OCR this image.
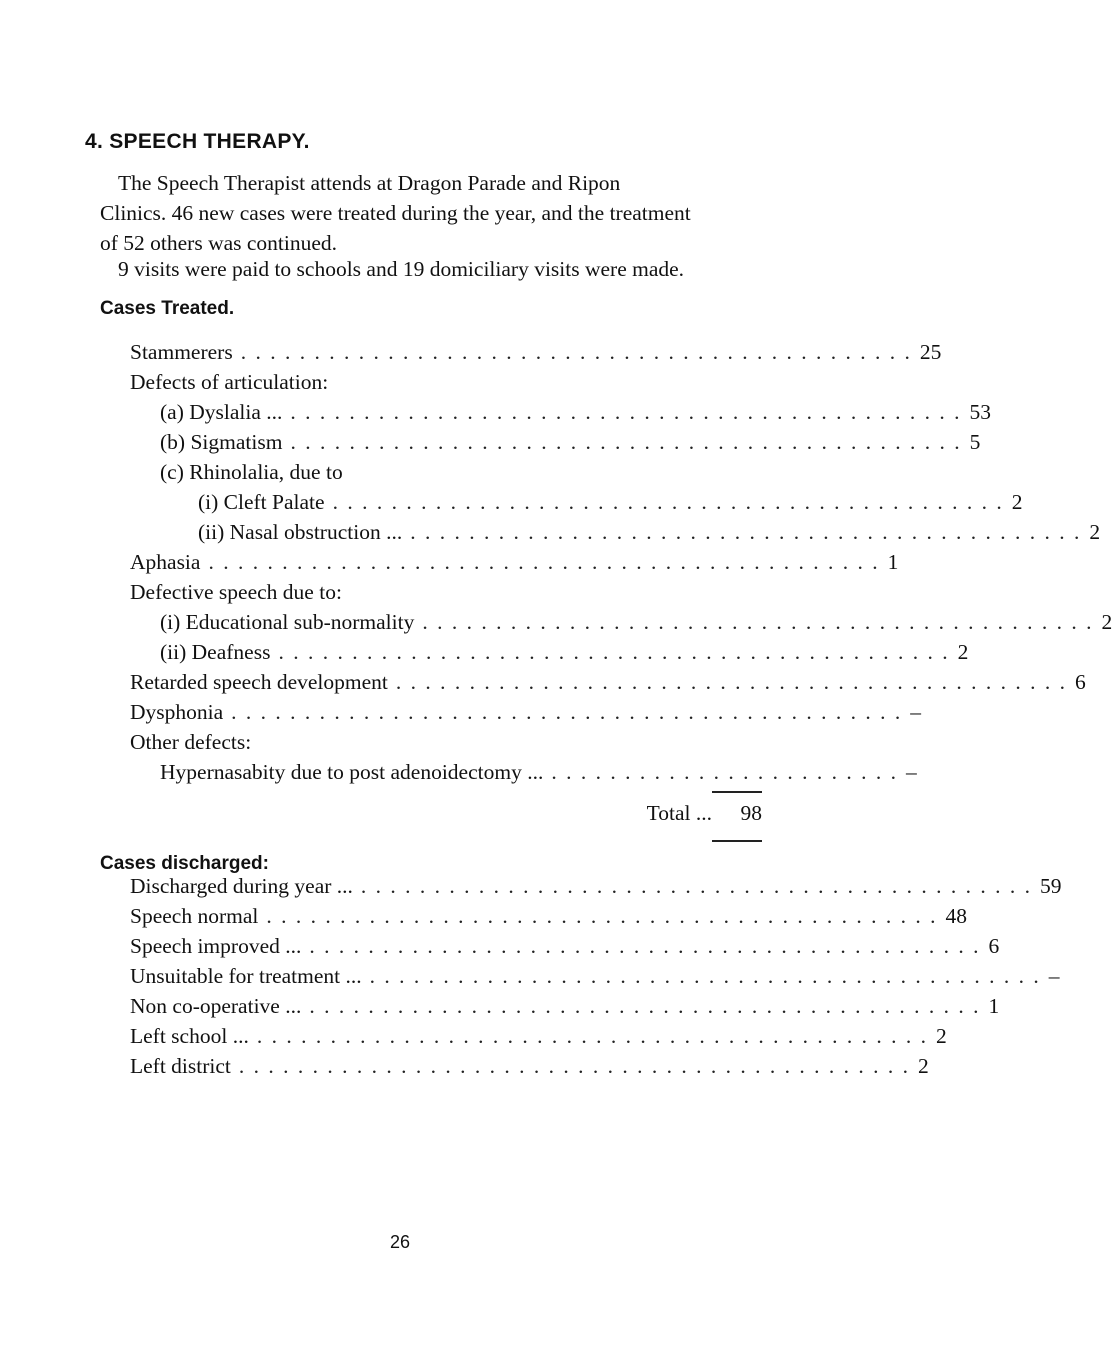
4. SPEECH THERAPY.
The Speech Therapist attends at Dragon Parade and Ripon
Clinics. 46 new cases were treated during the year, and the treatment
of 52 others was continued.
9 visits were paid to schools and 19 domiciliary visits were made.
Cases Treated.
Stammerers . . . . . . . . . . . . . . . . . . . . . . . . . . . . . . . . . . . . . . . . . . . . . . 25
Defects of articulation:
(a) Dyslalia ... . . . . . . . . . . . . . . . . . . . . . . . . . . . . . . . . . . . . . . . . . . . . . . 53
(b) Sigmatism . . . . . . . . . . . . . . . . . . . . . . . . . . . . . . . . . . . . . . . . . . . . . . 5
(c) Rhinolalia, due to
(i) Cleft Palate . . . . . . . . . . . . . . . . . . . . . . . . . . . . . . . . . . . . . . . . . . . . . . 2
(ii) Nasal obstruction ... . . . . . . . . . . . . . . . . . . . . . . . . . . . . . . . . . . . . . . . . . . . . . . 2
Aphasia . . . . . . . . . . . . . . . . . . . . . . . . . . . . . . . . . . . . . . . . . . . . . . 1
Defective speech due to:
(i) Educational sub-normality . . . . . . . . . . . . . . . . . . . . . . . . . . . . . . . . . . . . . . . . . . . . . . 2
(ii) Deafness . . . . . . . . . . . . . . . . . . . . . . . . . . . . . . . . . . . . . . . . . . . . . . 2
Retarded speech development . . . . . . . . . . . . . . . . . . . . . . . . . . . . . . . . . . . . . . . . . . . . . . 6
Dysphonia . . . . . . . . . . . . . . . . . . . . . . . . . . . . . . . . . . . . . . . . . . . . . . –
Other defects:
Hypernasabity due to post adenoidectomy ... . . . . . . . . . . . . . . . . . . . . . . . . –
Total ...	98
Cases discharged:
Discharged during year ... . . . . . . . . . . . . . . . . . . . . . . . . . . . . . . . . . . . . . . . . . . . . . . 59
Speech normal . . . . . . . . . . . . . . . . . . . . . . . . . . . . . . . . . . . . . . . . . . . . . . 48
Speech improved ... . . . . . . . . . . . . . . . . . . . . . . . . . . . . . . . . . . . . . . . . . . . . . . 6
Unsuitable for treatment ... . . . . . . . . . . . . . . . . . . . . . . . . . . . . . . . . . . . . . . . . . . . . . . –
Non co-operative ... . . . . . . . . . . . . . . . . . . . . . . . . . . . . . . . . . . . . . . . . . . . . . . 1
Left school ... . . . . . . . . . . . . . . . . . . . . . . . . . . . . . . . . . . . . . . . . . . . . . . 2
Left district . . . . . . . . . . . . . . . . . . . . . . . . . . . . . . . . . . . . . . . . . . . . . . 2
26
